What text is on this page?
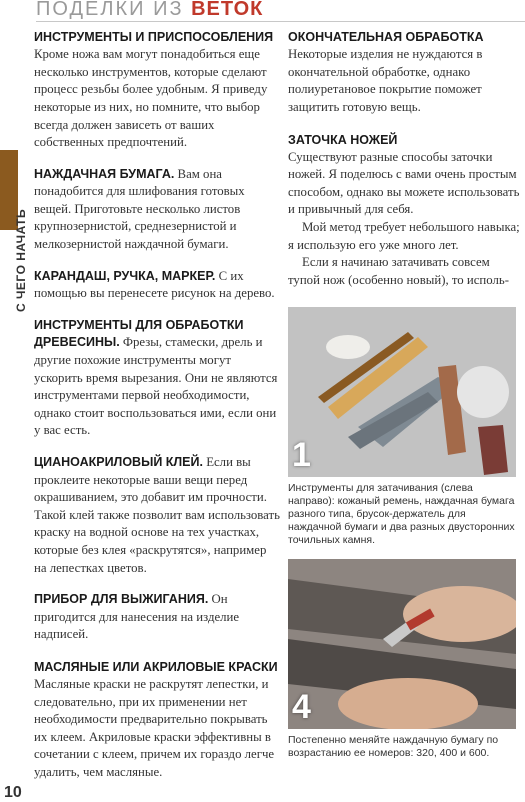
ПОДЕЛКИ ИЗ ВЕТОК
С ЧЕГО НАЧАТЬ
ИНСТРУМЕНТЫ И ПРИСПОСОБЛЕНИЯ

Кроме ножа вам могут понадобиться еще несколько инструментов, которые сделают процесс резьбы более удобным. Я приведу некоторые из них, но помните, что выбор всегда должен зависеть от ваших собственных предпочтений.

НАЖДАЧНАЯ БУМАГА. Вам она понадобится для шлифования готовых вещей. Приготовьте несколько листов крупнозернистой, среднезернистой и мелкозернистой наждачной бумаги.

КАРАНДАШ, РУЧКА, МАРКЕР. С их помощью вы перенесете рисунок на дерево.

ИНСТРУМЕНТЫ ДЛЯ ОБРАБОТКИ ДРЕВЕСИНЫ. Фрезы, стамески, дрель и другие похожие инструменты могут ускорить время вырезания. Они не являются инструментами первой необходимости, однако стоит воспользоваться ими, если они у вас есть.

ЦИАНОАКРИЛОВЫЙ КЛЕЙ. Если вы проклеите некоторые ваши вещи перед окрашиванием, это добавит им прочности. Такой клей также позволит вам использовать краску на водной основе на тех участках, которые без клея «раскрутятся», например на лепестках цветов.

ПРИБОР ДЛЯ ВЫЖИГАНИЯ. Он пригодится для нанесения на изделие надписей.

МАСЛЯНЫЕ ИЛИ АКРИЛОВЫЕ КРАСКИ

Масляные краски не раскрутят лепестки, и следовательно, при их применении нет необходимости предварительно покрывать их клеем. Акриловые краски эффективны в сочетании с клеем, причем их гораздо легче удалить, чем масляные.

ОКОНЧАТЕЛЬНАЯ ОБРАБОТКА

Некоторые изделия не нуждаются в окончательной обработке, однако полиуретановое покрытие поможет защитить готовую вещь.

ЗАТОЧКА НОЖЕЙ

Существуют разные способы заточки ножей. Я поделюсь с вами очень простым способом, однако вы можете использовать и привычный для себя.

Мой метод требует небольшого навыка; я использую его уже много лет.

Если я начинаю затачивать совсем тупой нож (особенно новый), то исполь-

1
Инструменты для затачивания (слева направо): кожаный ремень, наждачная бумага разного типа, брусок-держатель для наждачной бумаги и два разных двусторонних точильных камня.
4
Постепенно меняйте наждачную бумагу по возрастанию ее номеров: 320, 400 и 600.
10
